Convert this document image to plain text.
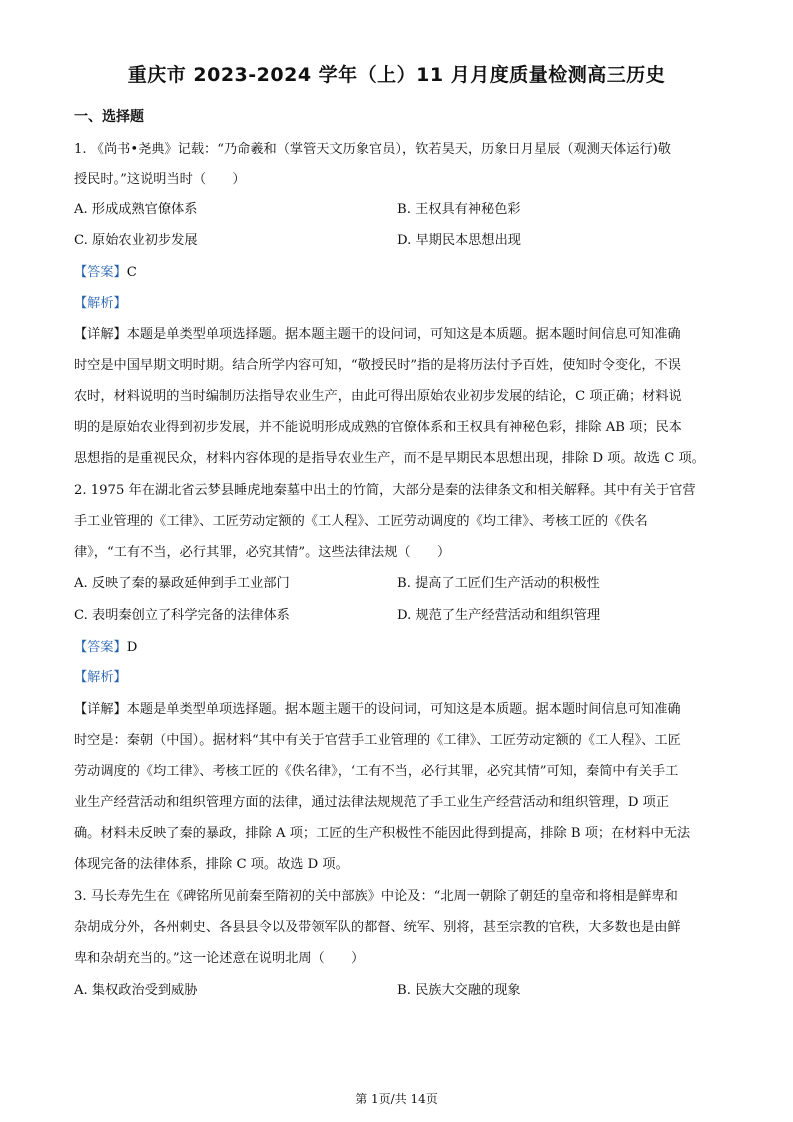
重庆市 2023-2024 学年（上）11 月月度质量检测高三历史
一、选择题
1. 《尚书•尧典》记载：“乃命羲和（掌管天文历象官员），钦若昊天，历象日月星辰（观测天体运行)敬
授民时。”这说明当时（　　）
A. 形成成熟官僚体系	B. 王权具有神秘色彩
C. 原始农业初步发展	D. 早期民本思想出现
【答案】C
【解析】
【详解】本题是单类型单项选择题。据本题主题干的设问词，可知这是本质题。据本题时间信息可知准确
时空是中国早期文明时期。结合所学内容可知，“敬授民时”指的是将历法付予百姓，使知时令变化，不误
农时，材料说明的当时编制历法指导农业生产，由此可得出原始农业初步发展的结论，C 项正确；材料说
明的是原始农业得到初步发展，并不能说明形成成熟的官僚体系和王权具有神秘色彩，排除 AB 项；民本
思想指的是重视民众，材料内容体现的是指导农业生产，而不是早期民本思想出现，排除 D 项。故选 C 项。
2. 1975 年在湖北省云梦县睡虎地秦墓中出土的竹简，大部分是秦的法律条文和相关解释。其中有关于官营
手工业管理的《工律》、工匠劳动定额的《工人程》、工匠劳动调度的《均工律》、考核工匠的《佚名
律》，“工有不当，必行其罪，必究其情”。这些法律法规（　　）
A. 反映了秦的暴政延伸到手工业部门	B. 提高了工匠们生产活动的积极性
C. 表明秦创立了科学完备的法律体系	D. 规范了生产经营活动和组织管理
【答案】D
【解析】
【详解】本题是单类型单项选择题。据本题主题干的设问词，可知这是本质题。据本题时间信息可知准确
时空是：秦朝（中国）。据材料“其中有关于官营手工业管理的《工律》、工匠劳动定额的《工人程》、工匠
劳动调度的《均工律》、考核工匠的《佚名律》，‘工有不当，必行其罪，必究其情”可知，秦简中有关手工
业生产经营活动和组织管理方面的法律，通过法律法规规范了手工业生产经营活动和组织管理，D 项正
确。材料未反映了秦的暴政，排除 A 项；工匠的生产积极性不能因此得到提高，排除 B 项；在材料中无法
体现完备的法律体系，排除 C 项。故选 D 项。
3. 马长寿先生在《碑铭所见前秦至隋初的关中部族》中论及：“北周一朝除了朝廷的皇帝和将相是鲜卑和
杂胡成分外，各州刺史、各县县令以及带领军队的都督、统军、别将，甚至宗教的官秩，大多数也是由鲜
卑和杂胡充当的。”这一论述意在说明北周（　　）
A. 集权政治受到威胁	B. 民族大交融的现象
第 1页/共 14页
